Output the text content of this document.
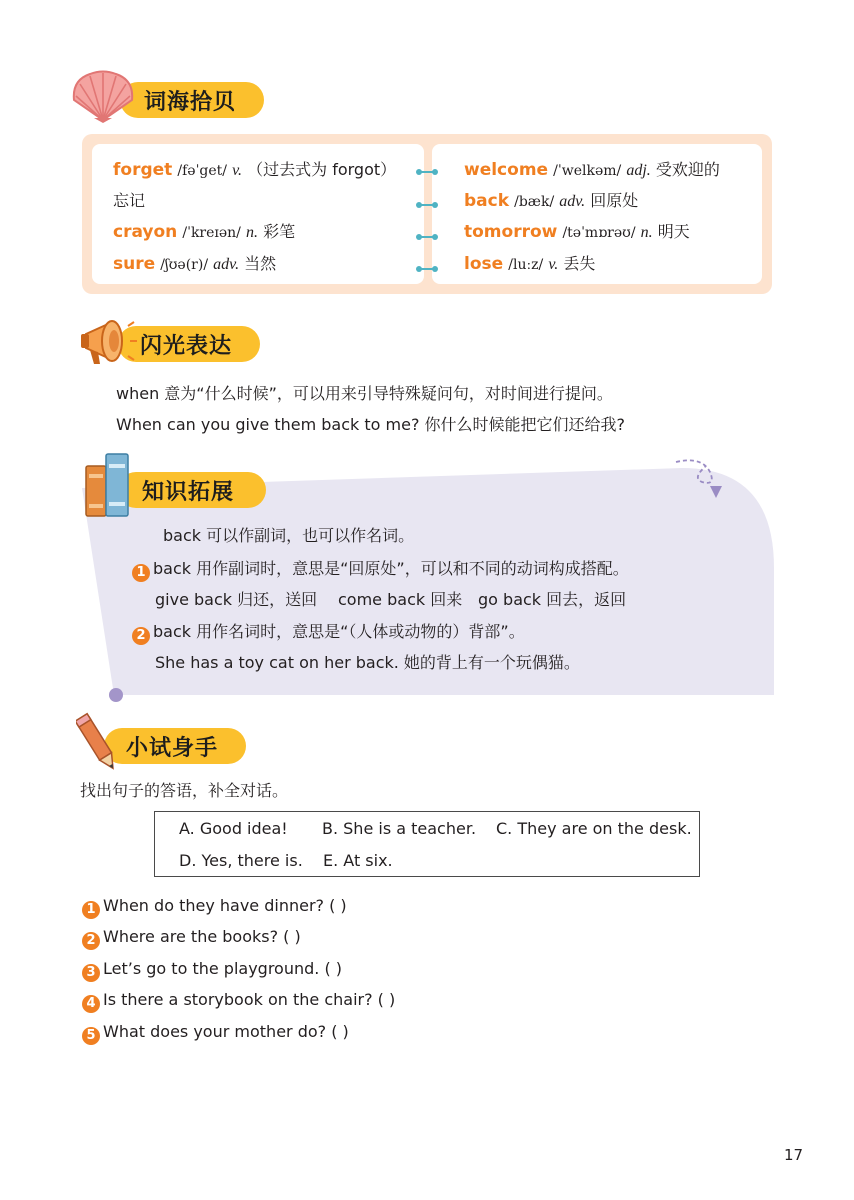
词海拾贝
forget /fəˈget/ v. （过去式为 forgot）
忘记
crayon /ˈkreɪən/ n. 彩笔
sure /ʃʊə(r)/ adv. 当然
welcome /ˈwelkəm/ adj. 受欢迎的
back /bæk/ adv. 回原处
tomorrow /təˈmɒrəʊ/ n. 明天
lose /luːz/ v. 丢失
闪光表达
when 意为“什么时候”，可以用来引导特殊疑问句，对时间进行提问。
When can you give them back to me? 你什么时候能把它们还给我?
知识拓展
back 可以作副词，也可以作名词。
1 back 用作副词时，意思是“回原处”，可以和不同的动词构成搭配。
give back 归还，送回 come back 回来 go back 回去，返回
2 back 用作名词时，意思是“（人体或动物的）背部”。
She has a toy cat on her back. 她的背上有一个玩偶猫。
小试身手
找出句子的答语，补全对话。
A. Good idea! B. She is a teacher. C. They are on the desk.
D. Yes, there is. E. At six.
1 When do they have dinner? ( )
2 Where are the books? ( )
3 Let’s go to the playground. ( )
4 Is there a storybook on the chair? ( )
5 What does your mother do? ( )
17
